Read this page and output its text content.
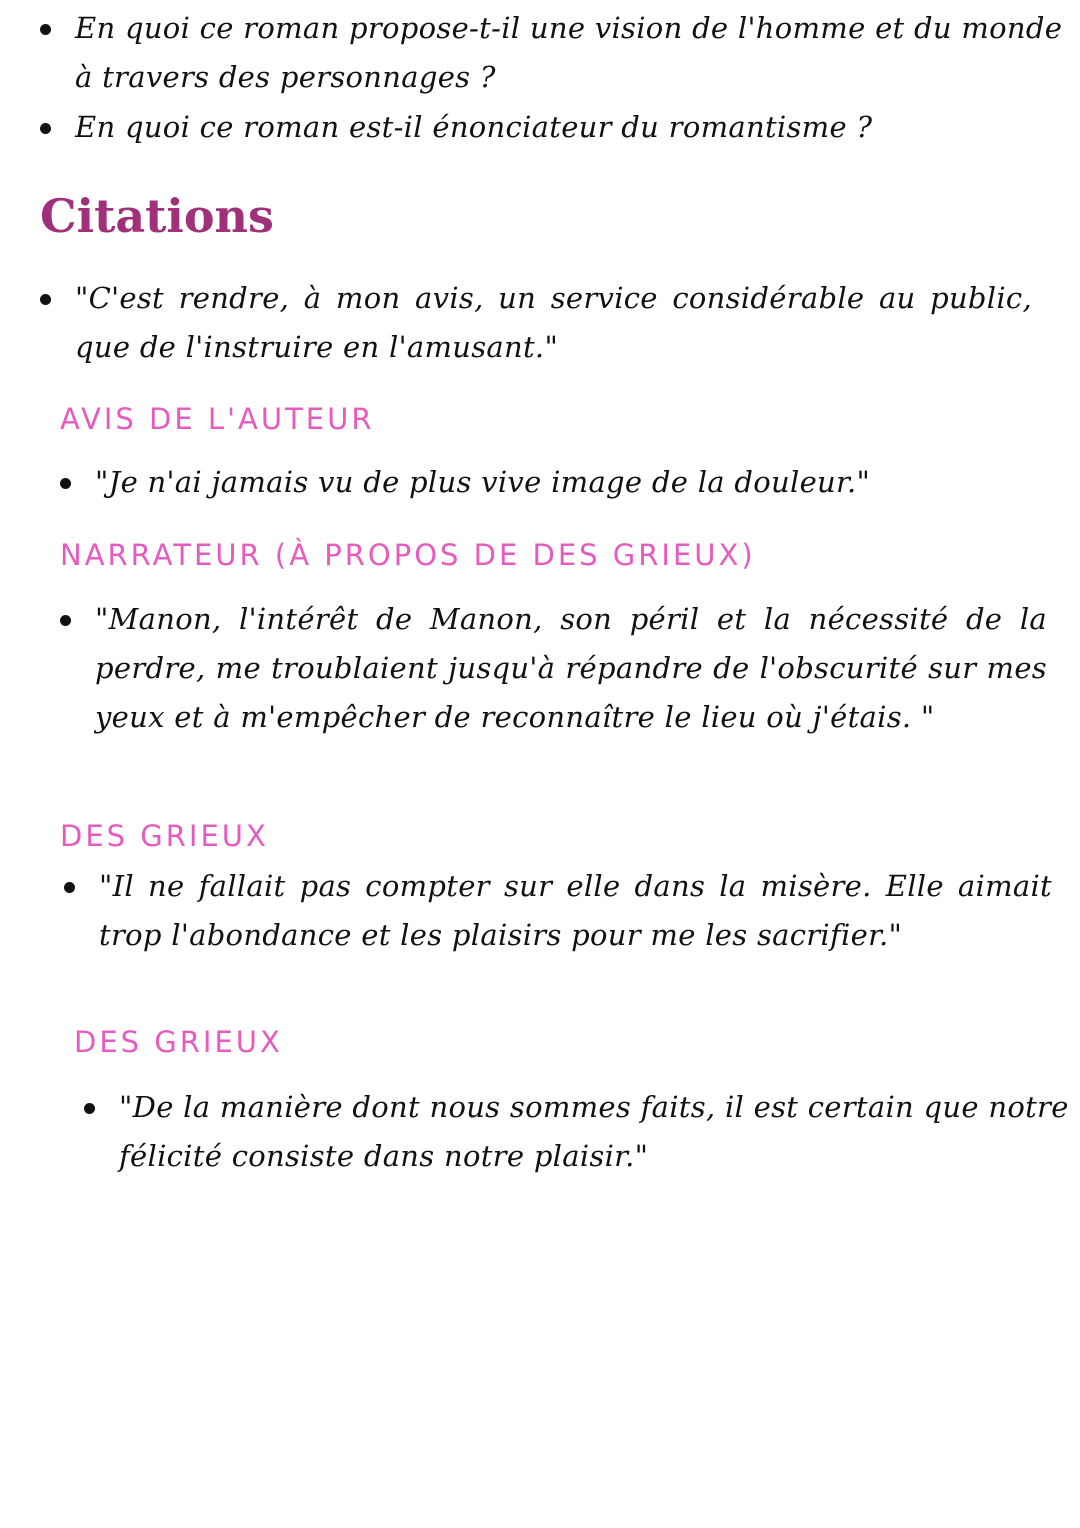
En quoi ce roman propose-t-il une vision de l'homme et du monde à travers des personnages ?
En quoi ce roman est-il énonciateur du romantisme ?
Citations
"C'est rendre, à mon avis, un service considérable au public, que de l'instruire en l'amusant."
"Je n'ai jamais vu de plus vive image de la douleur."
"Manon, l'intérêt de Manon, son péril et la nécessité de la perdre, me troublaient jusqu'à répandre de l'obscurité sur mes yeux et à m'empêcher de reconnaître le lieu où j'étais. "
"Il ne fallait pas compter sur elle dans la misère. Elle aimait trop l'abondance et les plaisirs pour me les sacrifier."
"De la manière dont nous sommes faits, il est certain que notre félicité consiste dans notre plaisir."

AVIS DE L'AUTEUR

NARRATEUR (À PROPOS DE DES GRIEUX)

DES GRIEUX

DES GRIEUX
